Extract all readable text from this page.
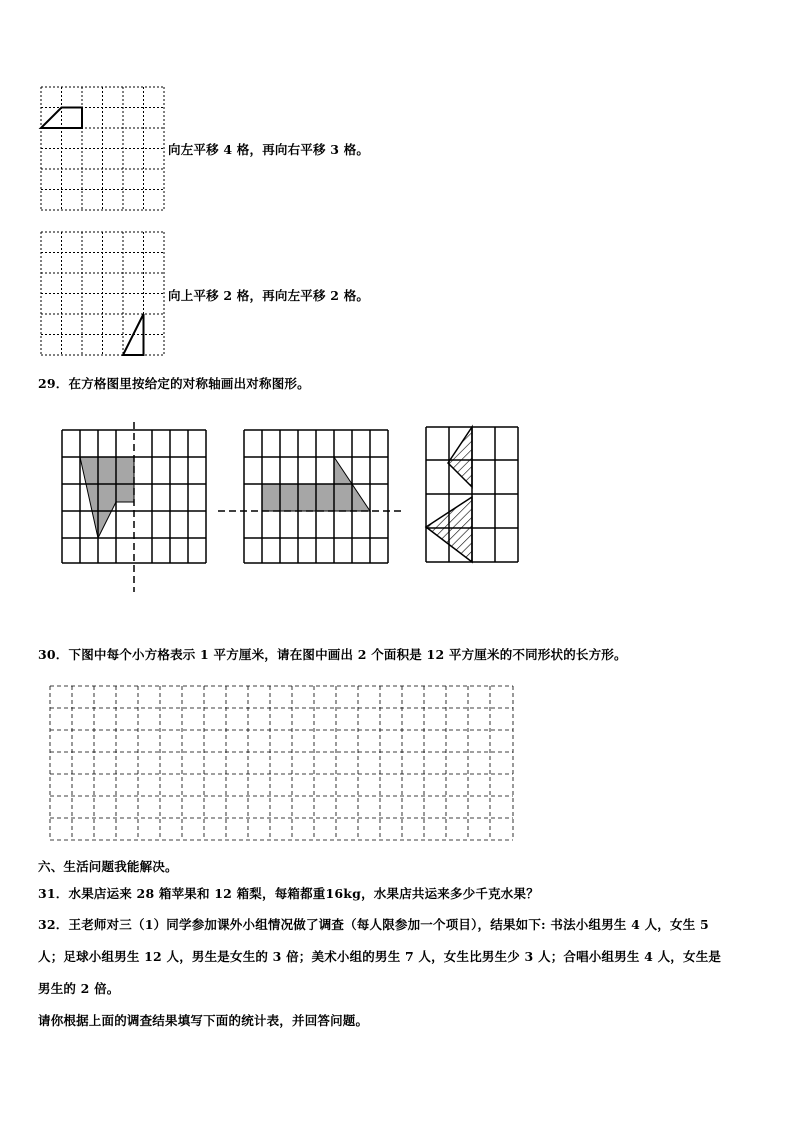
向左平移 4 格，再向右平移 3 格。
向上平移 2 格，再向左平移 2 格。
29．在方格图里按给定的对称轴画出对称图形。
30．下图中每个小方格表示 1 平方厘米，请在图中画出 2 个面积是 12 平方厘米的不同形状的长方形。
六、生活问题我能解决。
31．水果店运来 28 箱苹果和 12 箱梨，每箱都重16kg，水果店共运来多少千克水果？
32．王老师对三（1）同学参加课外小组情况做了调查（每人限参加一个项目），结果如下: 书法小组男生 4 人，女生 5
人；足球小组男生 12 人，男生是女生的 3 倍；美术小组的男生 7 人，女生比男生少 3 人；合唱小组男生 4 人，女生是
男生的 2 倍。
请你根据上面的调查结果填写下面的统计表，并回答问题。
